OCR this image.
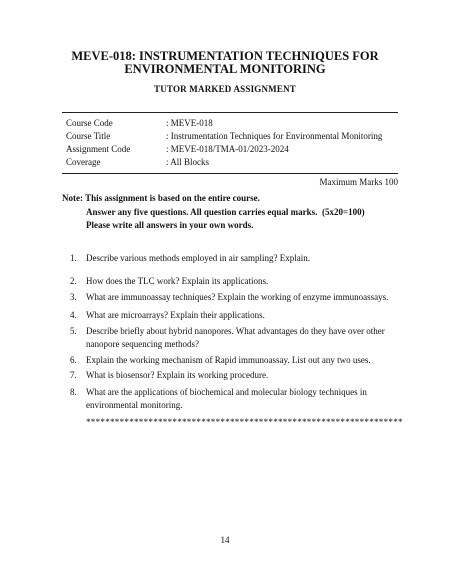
MEVE-018: INSTRUMENTATION TECHNIQUES FOR
ENVIRONMENTAL MONITORING
TUTOR MARKED ASSIGNMENT
Course Code	: MEVE-018
Course Title	: Instrumentation Techniques for Environmental Monitoring
Assignment Code	: MEVE-018/TMA-01/2023-2024
Coverage	: All Blocks
Maximum Marks 100
Note: This assignment is based on the entire course.
Answer any five questions. All question carries equal marks. (5x20=100)
Please write all answers in your own words.
1. Describe various methods employed in air sampling? Explain.
2. How does the TLC work? Explain its applications.
3. What are immunoassay techniques? Explain the working of enzyme immunoassays.
4. What are microarrays? Explain their applications.
5. Describe briefly about hybrid nanopores. What advantages do they have over other nanopore sequencing methods?
6. Explain the working mechanism of Rapid immunoassay. List out any two uses.
7. What is biosensor? Explain its working procedure.
8. What are the applications of biochemical and molecular biology techniques in environmental monitoring.
******************************************************************
14
